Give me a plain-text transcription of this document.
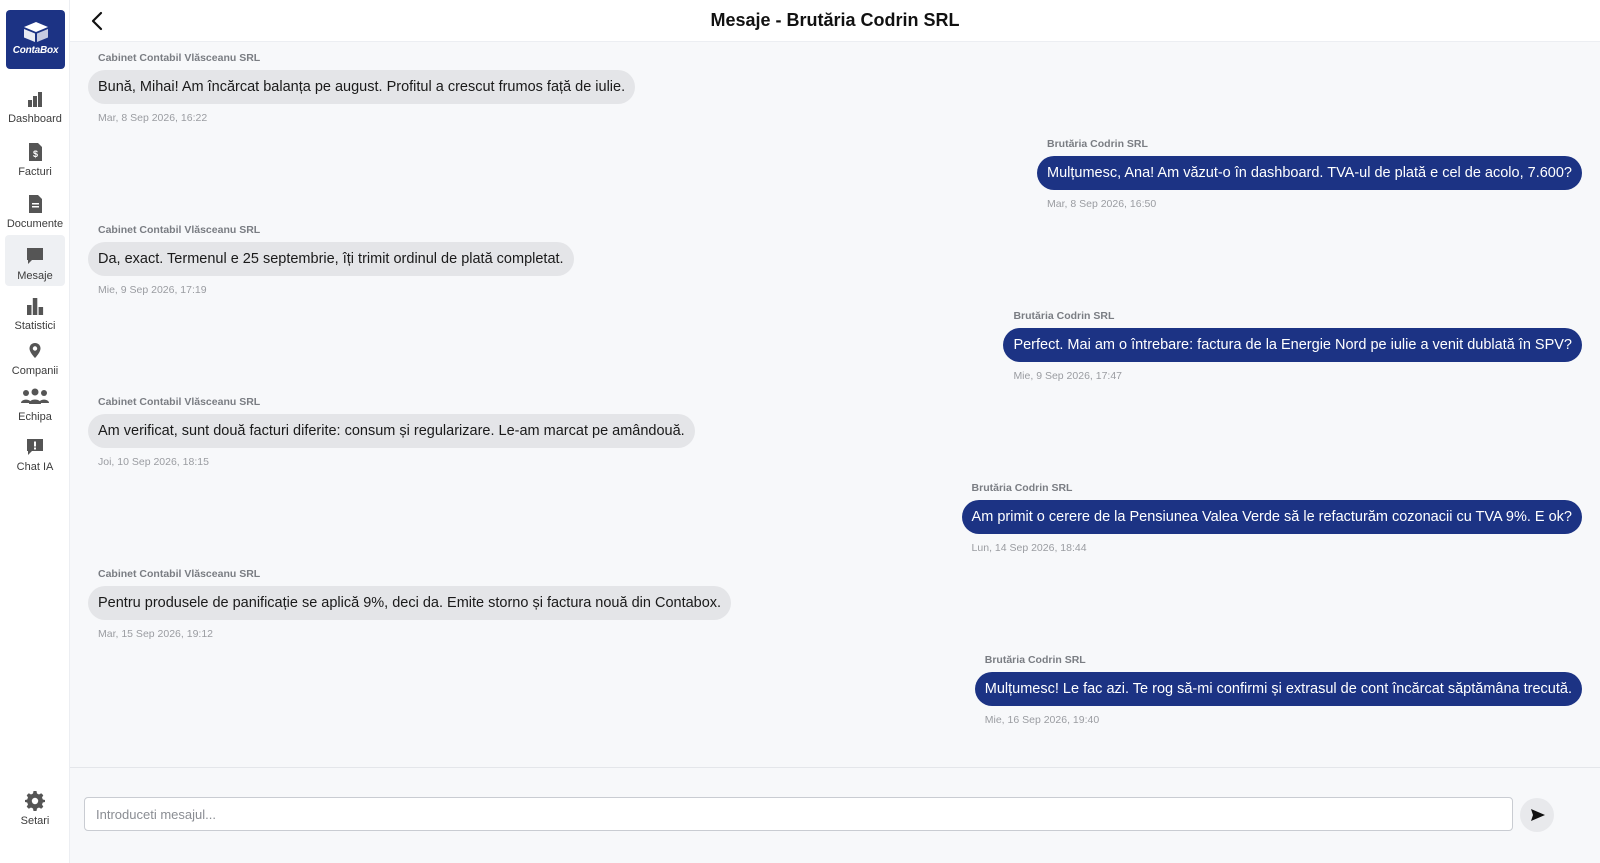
ContaBox
Dashboard
$
Facturi
Documente
Mesaje
Statistici
Companii
Echipa
Chat IA
Setari
Mesaje - Brutăria Codrin SRL
Cabinet Contabil Vlăsceanu SRL
Bună, Mihai! Am încărcat balanța pe august. Profitul a crescut frumos față de iulie.
Mar, 8 Sep 2026, 16:22
Brutăria Codrin SRL
Mulțumesc, Ana! Am văzut-o în dashboard. TVA-ul de plată e cel de acolo, 7.600?
Mar, 8 Sep 2026, 16:50
Cabinet Contabil Vlăsceanu SRL
Da, exact. Termenul e 25 septembrie, îți trimit ordinul de plată completat.
Mie, 9 Sep 2026, 17:19
Brutăria Codrin SRL
Perfect. Mai am o întrebare: factura de la Energie Nord pe iulie a venit dublată în SPV?
Mie, 9 Sep 2026, 17:47
Cabinet Contabil Vlăsceanu SRL
Am verificat, sunt două facturi diferite: consum și regularizare. Le-am marcat pe amândouă.
Joi, 10 Sep 2026, 18:15
Brutăria Codrin SRL
Am primit o cerere de la Pensiunea Valea Verde să le refacturăm cozonacii cu TVA 9%. E ok?
Lun, 14 Sep 2026, 18:44
Cabinet Contabil Vlăsceanu SRL
Pentru produsele de panificație se aplică 9%, deci da. Emite storno și factura nouă din Contabox.
Mar, 15 Sep 2026, 19:12
Brutăria Codrin SRL
Mulțumesc! Le fac azi. Te rog să-mi confirmi și extrasul de cont încărcat săptămâna trecută.
Mie, 16 Sep 2026, 19:40
Introduceti mesajul...
